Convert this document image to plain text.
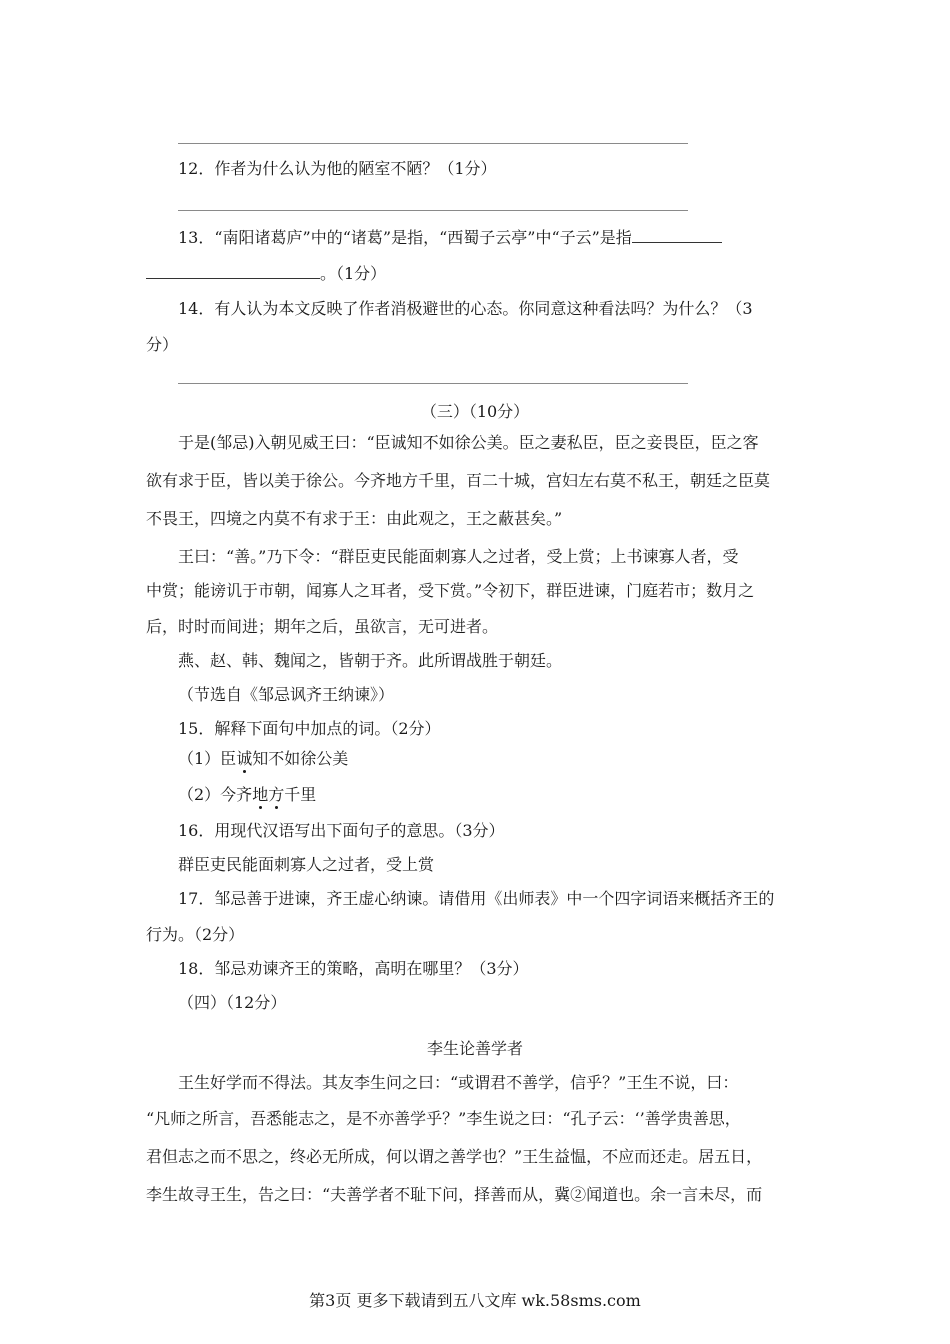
12．作者为什么认为他的陋室不陋？（1分）
13．“南阳诸葛庐”中的“诸葛”是指，“西蜀子云亭”中“子云”是指
。（1分）
14．有人认为本文反映了作者消极避世的心态。你同意这种看法吗？为什么？（3
分）
（三）（10分）
于是(邹忌)入朝见威王曰：“臣诚知不如徐公美。臣之妻私臣，臣之妾畏臣，臣之客
欲有求于臣，皆以美于徐公。今齐地方千里，百二十城，宫妇左右莫不私王，朝廷之臣莫
不畏王，四境之内莫不有求于王：由此观之，王之蔽甚矣。”
王曰：“善。”乃下令：“群臣吏民能面刺寡人之过者，受上赏；上书谏寡人者，受
中赏；能谤讥于市朝，闻寡人之耳者，受下赏。”令初下，群臣进谏，门庭若市；数月之
后，时时而间进；期年之后，虽欲言，无可进者。
燕、赵、韩、魏闻之，皆朝于齐。此所谓战胜于朝廷。
（节选自《邹忌讽齐王纳谏》）
15．解释下面句中加点的词。（2分）
（1）臣诚知不如徐公美
（2）今齐地方千里
16．用现代汉语写出下面句子的意思。（3分）
群臣吏民能面刺寡人之过者，受上赏
17．邹忌善于进谏，齐王虚心纳谏。请借用《出师表》中一个四字词语来概括齐王的
行为。（2分）
18．邹忌劝谏齐王的策略，高明在哪里？（3分）
（四）（12分）
李生论善学者
王生好学而不得法。其友李生问之曰：“或谓君不善学，信乎？”王生不说，曰：
“凡师之所言，吾悉能志之，是不亦善学乎？”李生说之曰：“孔子云：‘’善学贵善思，
君但志之而不思之，终必无所成，何以谓之善学也？”王生益愠，不应而还走。居五日，
李生故寻王生，告之曰：“夫善学者不耻下问，择善而从，冀②闻道也。余一言未尽，而
第3页 更多下载请到五八文库 wk.58sms.com
